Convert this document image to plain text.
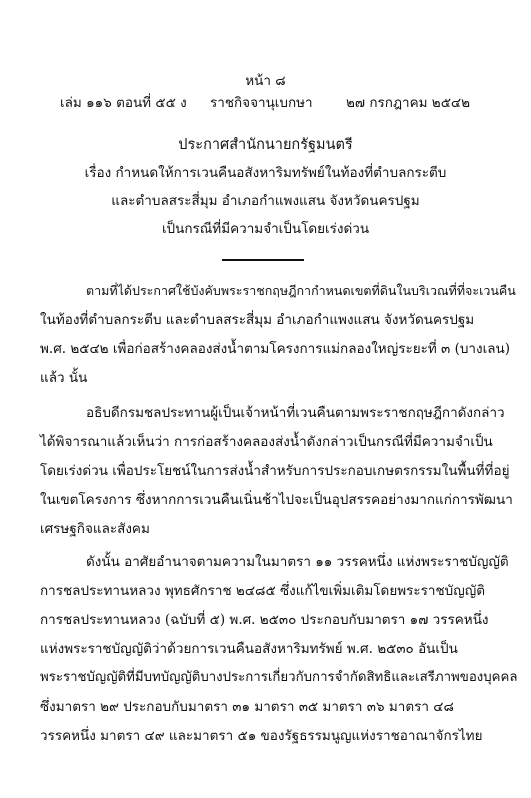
หน้า ๘
เล่ม ๑๑๖ ตอนที่ ๕๕ ง ราชกิจจานุเบกษา ๒๗ กรกฎาคม ๒๕๔๒
ประกาศสำนักนายกรัฐมนตรี
เรื่อง กำหนดให้การเวนคืนอสังหาริมทรัพย์ในท้องที่ตำบลกระตีบ
และตำบลสระสี่มุม อำเภอกำแพงแสน จังหวัดนครปฐม
เป็นกรณีที่มีความจำเป็นโดยเร่งด่วน
ตามที่ได้ประกาศใช้บังคับพระราชกฤษฎีกากำหนดเขตที่ดินในบริเวณที่ที่จะเวนคืน
ในท้องที่ตำบลกระตีบ และตำบลสระสี่มุม อำเภอกำแพงแสน จังหวัดนครปฐม
พ.ศ. ๒๕๔๒ เพื่อก่อสร้างคลองส่งน้ำตามโครงการแม่กลองใหญ่ระยะที่ ๓ (บางเลน)
แล้ว นั้น
อธิบดีกรมชลประทานผู้เป็นเจ้าหน้าที่เวนคืนตามพระราชกฤษฎีกาดังกล่าว
ได้พิจารณาแล้วเห็นว่า การก่อสร้างคลองส่งน้ำดังกล่าวเป็นกรณีที่มีความจำเป็น
โดยเร่งด่วน เพื่อประโยชน์ในการส่งน้ำสำหรับการประกอบเกษตรกรรมในพื้นที่ที่อยู่
ในเขตโครงการ ซึ่งหากการเวนคืนเนิ่นช้าไปจะเป็นอุปสรรคอย่างมากแก่การพัฒนา
เศรษฐกิจและสังคม
ดังนั้น อาศัยอำนาจตามความในมาตรา ๑๑ วรรคหนึ่ง แห่งพระราชบัญญัติ
การชลประทานหลวง พุทธศักราช ๒๔๘๕ ซึ่งแก้ไขเพิ่มเติมโดยพระราชบัญญัติ
การชลประทานหลวง (ฉบับที่ ๕) พ.ศ. ๒๕๓๐ ประกอบกับมาตรา ๑๗ วรรคหนึ่ง
แห่งพระราชบัญญัติว่าด้วยการเวนคืนอสังหาริมทรัพย์ พ.ศ. ๒๕๓๐ อันเป็น
พระราชบัญญัติที่มีบทบัญญัติบางประการเกี่ยวกับการจำกัดสิทธิและเสรีภาพของบุคคล
ซึ่งมาตรา ๒๙ ประกอบกับมาตรา ๓๑ มาตรา ๓๕ มาตรา ๓๖ มาตรา ๔๘
วรรคหนึ่ง มาตรา ๔๙ และมาตรา ๕๑ ของรัฐธรรมนูญแห่งราชอาณาจักรไทย
